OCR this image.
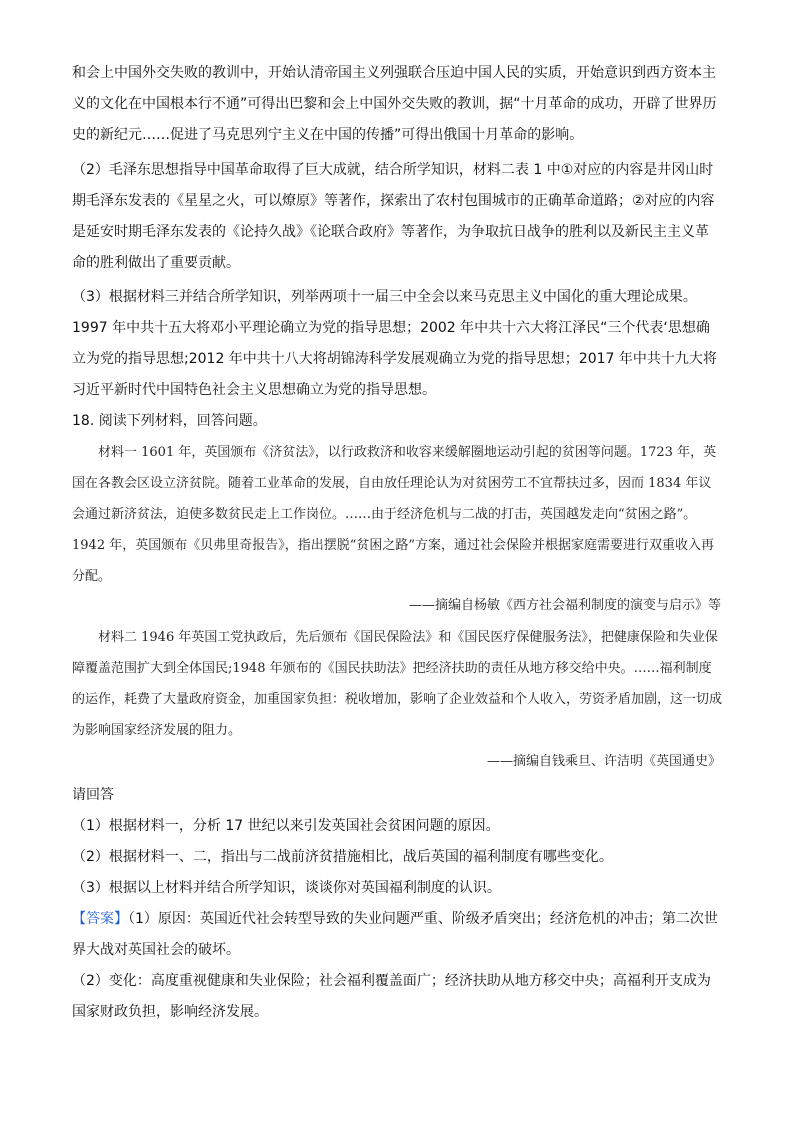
和会上中国外交失败的教训中，开始认清帝国主义列强联合压迫中国人民的实质，开始意识到西方资本主义的文化在中国根本行不通”可得出巴黎和会上中国外交失败的教训，据“十月革命的成功，开辟了世界历史的新纪元……促进了马克思列宁主义在中国的传播”可得出俄国十月革命的影响。
（2）毛泽东思想指导中国革命取得了巨大成就，结合所学知识，材料二表 1 中①对应的内容是井冈山时期毛泽东发表的《星星之火，可以燎原》等著作，探索出了农村包围城市的正确革命道路；②对应的内容是延安时期毛泽东发表的《论持久战》《论联合政府》等著作，为争取抗日战争的胜利以及新民主主义革命的胜利做出了重要贡献。
（3）根据材料三并结合所学知识，列举两项十一届三中全会以来马克思主义中国化的重大理论成果。1997 年中共十五大将邓小平理论确立为党的指导思想；2002 年中共十六大将江泽民“三个代表‘思想确立为党的指导思想;2012 年中共十八大将胡锦涛科学发展观确立为党的指导思想；2017 年中共十九大将习近平新时代中国特色社会主义思想确立为党的指导思想。
18. 阅读下列材料，回答问题。
材料一 1601 年，英国颁布《济贫法》，以行政救济和收容来缓解圈地运动引起的贫困等问题。1723 年，英国在各教会区设立济贫院。随着工业革命的发展，自由放任理论认为对贫困劳工不宜帮扶过多，因而 1834 年议会通过新济贫法，迫使多数贫民走上工作岗位。……由于经济危机与二战的打击，英国越发走向“贫困之路”。1942 年，英国颁布《贝弗里奇报告》，指出摆脱“贫困之路”方案，通过社会保险并根据家庭需要进行双重收入再分配。
——摘编自杨敏《西方社会福利制度的演变与启示》等
材料二 1946 年英国工党执政后，先后颁布《国民保险法》和《国民医疗保健服务法》，把健康保险和失业保障覆盖范围扩大到全体国民;1948 年颁布的《国民扶助法》把经济扶助的责任从地方移交给中央。……福利制度的运作，耗费了大量政府资金，加重国家负担：税收增加，影响了企业效益和个人收入，劳资矛盾加剧，这一切成为影响国家经济发展的阻力。
——摘编自钱乘旦、许洁明《英国通史》
请回答
（1）根据材料一，分析 17 世纪以来引发英国社会贫困问题的原因。
（2）根据材料一、二，指出与二战前济贫措施相比，战后英国的福利制度有哪些变化。
（3）根据以上材料并结合所学知识，谈谈你对英国福利制度的认识。
【答案】（1）原因：英国近代社会转型导致的失业问题严重、阶级矛盾突出；经济危机的冲击；第二次世界大战对英国社会的破坏。
（2）变化：高度重视健康和失业保险；社会福利覆盖面广；经济扶助从地方移交中央；高福利开支成为国家财政负担，影响经济发展。
